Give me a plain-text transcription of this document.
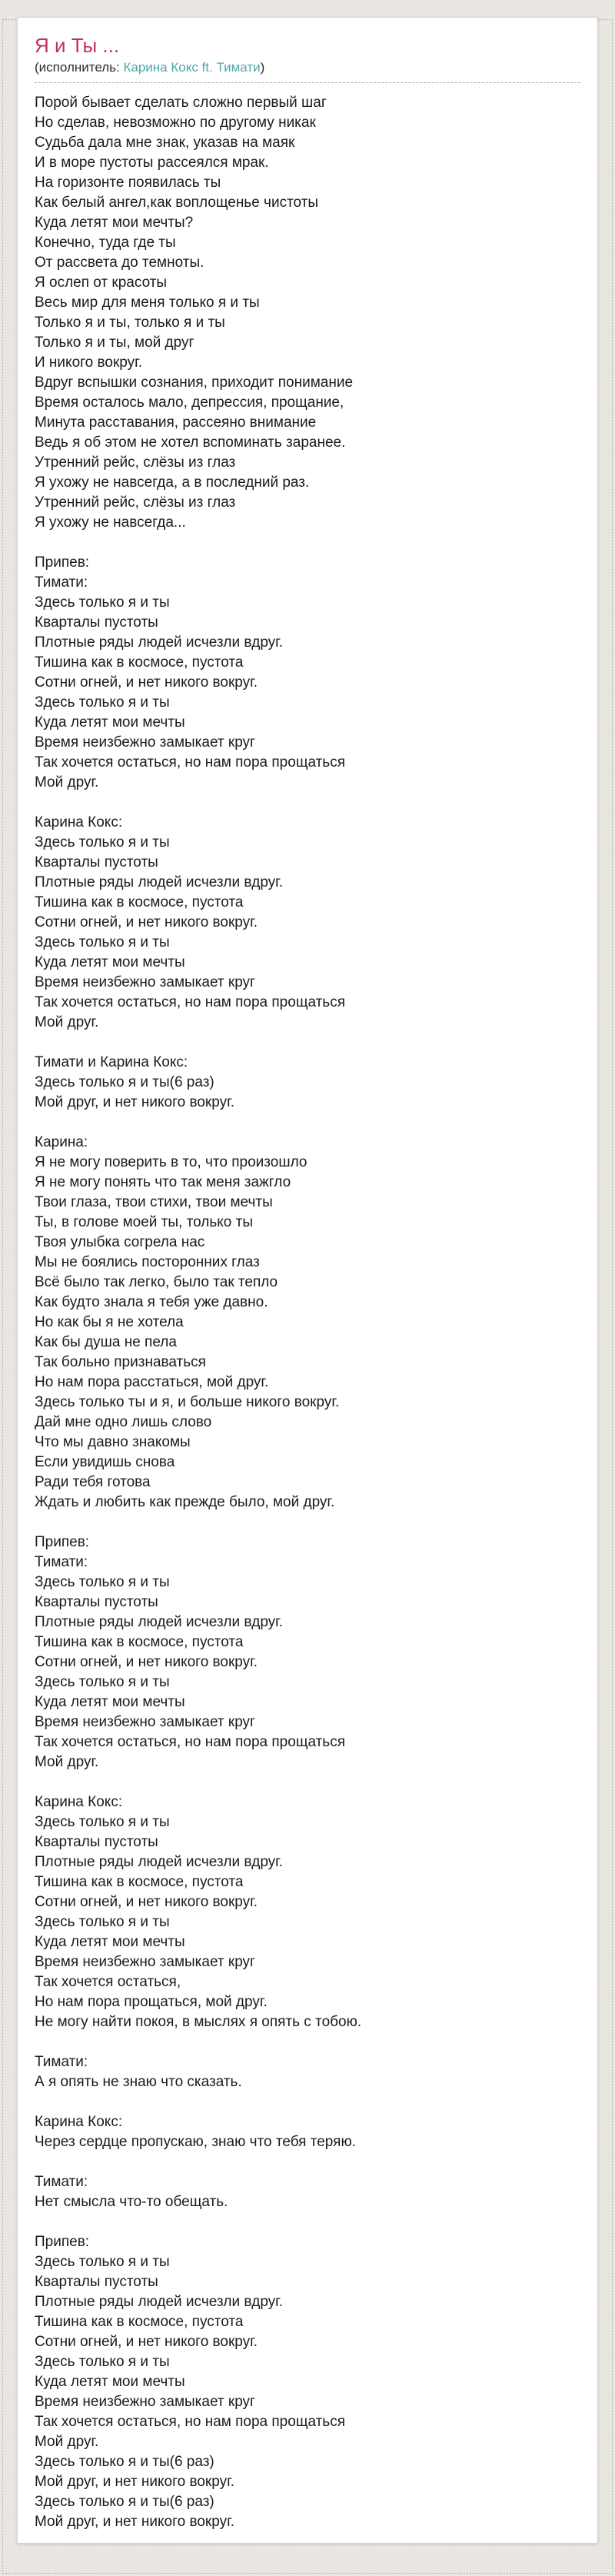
Я и Ты ...
(исполнитель: Карина Кокс ft. Тимати)
Порой бывает сделать сложно первый шаг
Но сделав, невозможно по другому никак
Судьба дала мне знак, указав на маяк
И в море пустоты рассеялся мрак.
На горизонте появилась ты
Как белый ангел,как воплощенье чистоты
Куда летят мои мечты?
Конечно, туда где ты
От рассвета до темноты.
Я ослеп от красоты
Весь мир для меня только я и ты
Только я и ты, только я и ты
Только я и ты, мой друг
И никого вокруг.
Вдруг вспышки сознания, приходит понимание
Время осталось мало, депрессия, прощание,
Минута расставания, рассеяно внимание
Ведь я об этом не хотел вспоминать заранее.
Утренний рейс, слёзы из глаз
Я ухожу не навсегда, а в последний раз.
Утренний рейс, слёзы из глаз
Я ухожу не навсегда...
Припев:
Тимати:
Здесь только я и ты
Кварталы пустоты
Плотные ряды людей исчезли вдруг.
Тишина как в космосе, пустота
Сотни огней, и нет никого вокруг.
Здесь только я и ты
Куда летят мои мечты
Время неизбежно замыкает круг
Так хочется остаться, но нам пора прощаться
Мой друг.
Карина Кокс:
Здесь только я и ты
Кварталы пустоты
Плотные ряды людей исчезли вдруг.
Тишина как в космосе, пустота
Сотни огней, и нет никого вокруг.
Здесь только я и ты
Куда летят мои мечты
Время неизбежно замыкает круг
Так хочется остаться, но нам пора прощаться
Мой друг.
Тимати и Карина Кокс:
Здесь только я и ты(6 раз)
Мой друг, и нет никого вокруг.
Карина:
Я не могу поверить в то, что произошло
Я не могу понять что так меня зажгло
Твои глаза, твои стихи, твои мечты
Ты, в голове моей ты, только ты
Твоя улыбка согрела нас
Мы не боялись посторонних глаз
Всё было так легко, было так тепло
Как будто знала я тебя уже давно.
Но как бы я не хотела
Как бы душа не пела
Так больно признаваться
Но нам пора расстаться, мой друг.
Здесь только ты и я, и больше никого вокруг.
Дай мне одно лишь слово
Что мы давно знакомы
Если увидишь снова
Ради тебя готова
Ждать и любить как прежде было, мой друг.
Припев:
Тимати:
Здесь только я и ты
Кварталы пустоты
Плотные ряды людей исчезли вдруг.
Тишина как в космосе, пустота
Сотни огней, и нет никого вокруг.
Здесь только я и ты
Куда летят мои мечты
Время неизбежно замыкает круг
Так хочется остаться, но нам пора прощаться
Мой друг.
Карина Кокс:
Здесь только я и ты
Кварталы пустоты
Плотные ряды людей исчезли вдруг.
Тишина как в космосе, пустота
Сотни огней, и нет никого вокруг.
Здесь только я и ты
Куда летят мои мечты
Время неизбежно замыкает круг
Так хочется остаться,
Но нам пора прощаться, мой друг.
Не могу найти покоя, в мыслях я опять с тобою.
Тимати:
А я опять не знаю что сказать.
Карина Кокс:
Через сердце пропускаю, знаю что тебя теряю.
Тимати:
Нет смысла что-то обещать.
Припев:
Здесь только я и ты
Кварталы пустоты
Плотные ряды людей исчезли вдруг.
Тишина как в космосе, пустота
Сотни огней, и нет никого вокруг.
Здесь только я и ты
Куда летят мои мечты
Время неизбежно замыкает круг
Так хочется остаться, но нам пора прощаться
Мой друг.
Здесь только я и ты(6 раз)
Мой друг, и нет никого вокруг.
Здесь только я и ты(6 раз)
Мой друг, и нет никого вокруг.
